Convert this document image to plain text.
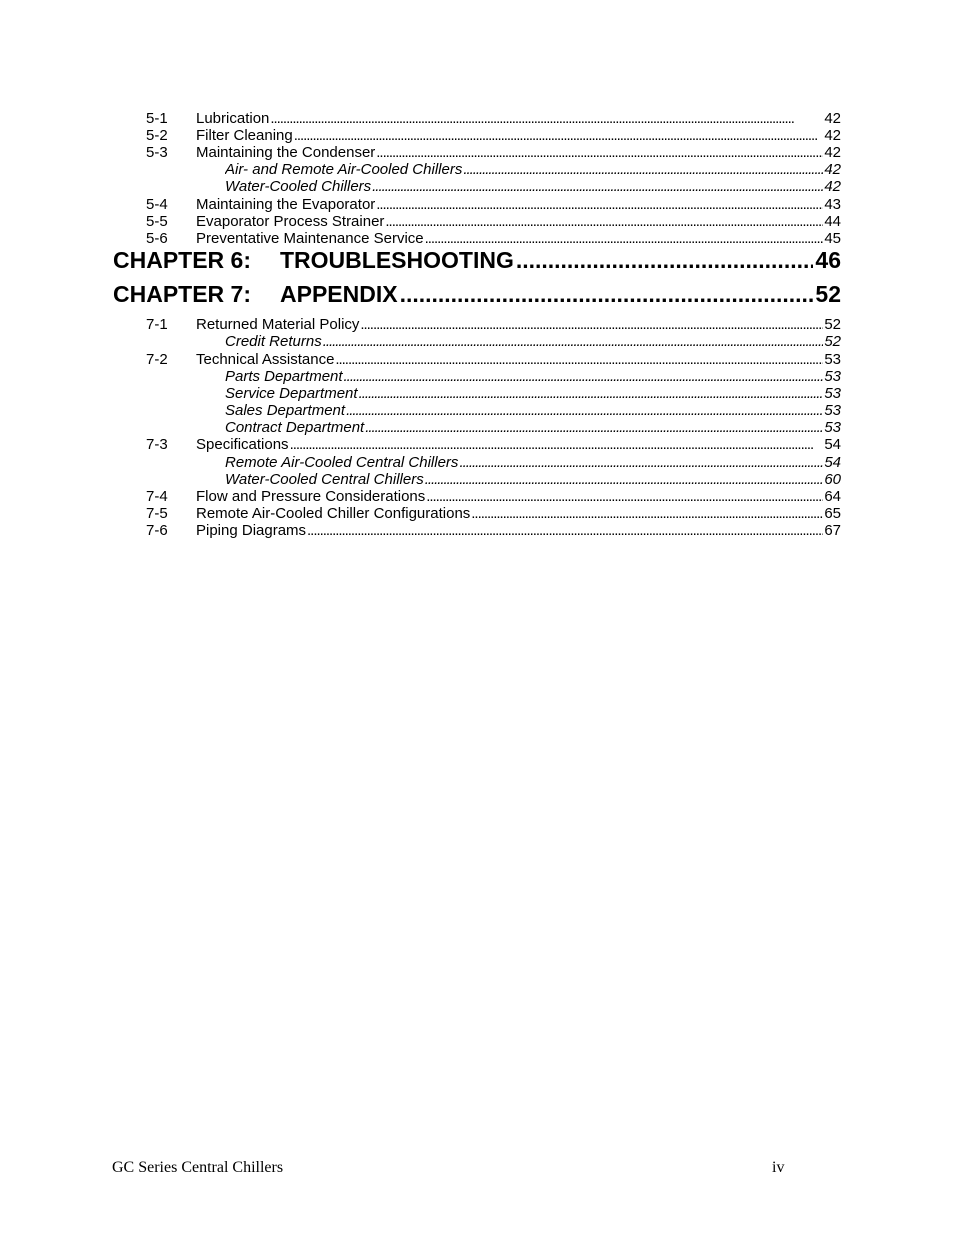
5-1 Lubrication . . .	42
5-2 Filter Cleaning . . .	42
5-3 Maintaining the Condenser . . .	42
Air- and Remote Air-Cooled Chillers . . .	42
Water-Cooled Chillers . . .	42
5-4 Maintaining the Evaporator . . .	43
5-5 Evaporator Process Strainer . . .	44
5-6 Preventative Maintenance Service . . .	45
CHAPTER 6:	TROUBLESHOOTING . . .	46
CHAPTER 7:	APPENDIX . . .	52
7-1 Returned Material Policy . . .	52
Credit Returns . . .	52
7-2 Technical Assistance . . .	53
Parts Department . . .	53
Service Department . . .	53
Sales Department . . .	53
Contract Department . . .	53
7-3 Specifications . . .	54
Remote Air-Cooled Central Chillers . . .	54
Water-Cooled Central Chillers . . .	60
7-4 Flow and Pressure Considerations . . .	64
7-5 Remote Air-Cooled Chiller Configurations . . .	65
7-6 Piping Diagrams . . .	67
GC Series Central Chillers	iv
